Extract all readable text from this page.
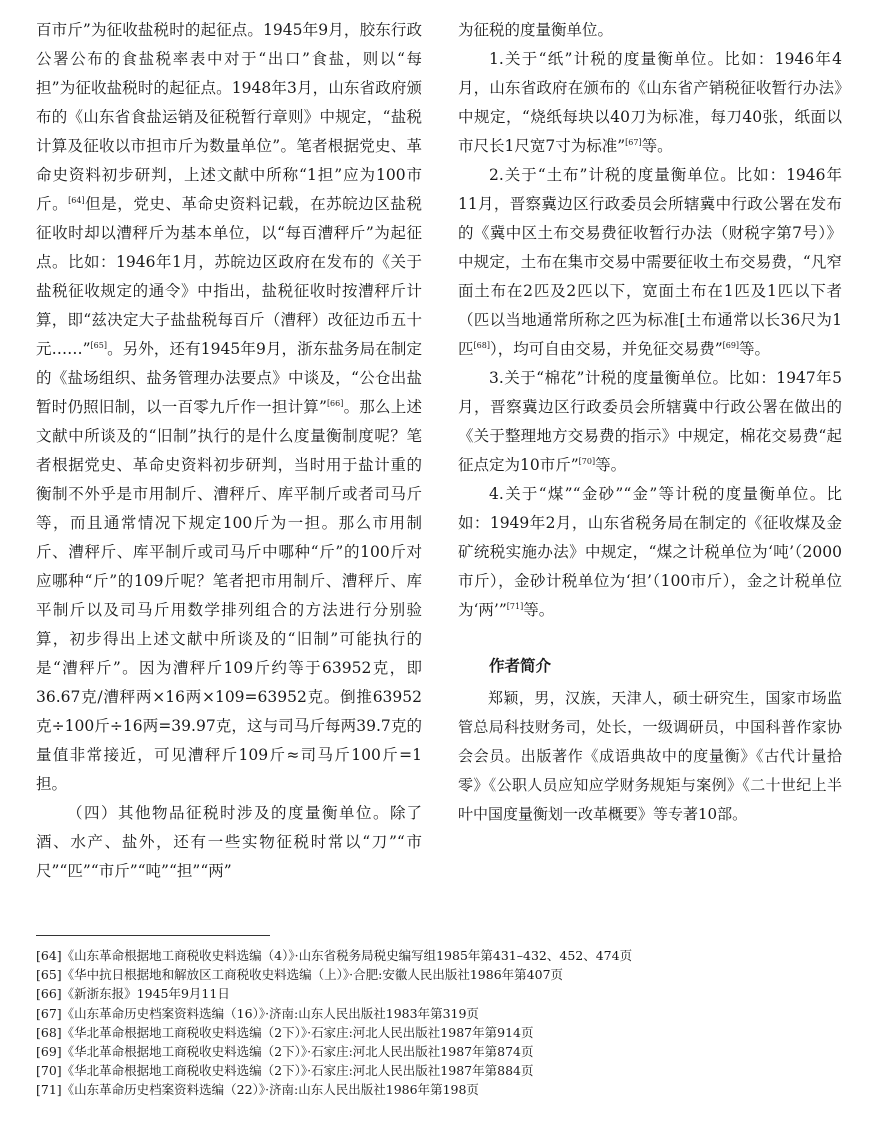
百市斤”为征收盐税时的起征点。1945年9月，胶东行政公署公布的食盐税率表中对于“出口”食盐，则以“每担”为征收盐税时的起征点。1948年3月，山东省政府颁布的《山东省食盐运销及征税暂行章则》中规定，“盐税计算及征收以市担市斤为数量单位”。笔者根据党史、革命史资料初步研判，上述文献中所称“1担”应为100市斤。[64]但是，党史、革命史资料记载，在苏皖边区盐税征收时却以漕秤斤为基本单位，以“每百漕秤斤”为起征点。比如：1946年1月，苏皖边区政府在发布的《关于盐税征收规定的通令》中指出，盐税征收时按漕秤斤计算，即“兹决定大子盐盐税每百斤（漕秤）改征边币五十元……”[65]。另外，还有1945年9月，浙东盐务局在制定的《盐场组织、盐务管理办法要点》中谈及，“公仓出盐暂时仍照旧制，以一百零九斤作一担计算”[66]。那么上述文献中所谈及的“旧制”执行的是什么度量衡制度呢？笔者根据党史、革命史资料初步研判，当时用于盐计重的衡制不外乎是市用制斤、漕秤斤、库平制斤或者司马斤等，而且通常情况下规定100斤为一担。那么市用制斤、漕秤斤、库平制斤或司马斤中哪种“斤”的100斤对应哪种“斤”的109斤呢？笔者把市用制斤、漕秤斤、库平制斤以及司马斤用数学排列组合的方法进行分别验算，初步得出上述文献中所谈及的“旧制”可能执行的是“漕秤斤”。因为漕秤斤109斤约等于63952克，即36.67克/漕秤两×16两×109=63952克。倒推63952克÷100斤÷16两=39.97克，这与司马斤每两39.7克的量值非常接近，可见漕秤斤109斤≈司马斤100斤=1担。

（四）其他物品征税时涉及的度量衡单位。除了酒、水产、盐外，还有一些实物征税时常以“刀”“市尺”“匹”“市斤”“吨”“担”“两”

为征税的度量衡单位。

1.关于“纸”计税的度量衡单位。比如：1946年4月，山东省政府在颁布的《山东省产销税征收暂行办法》中规定，“烧纸每块以40刀为标准，每刀40张，纸面以市尺长1尺宽7寸为标准”[67]等。

2.关于“土布”计税的度量衡单位。比如：1946年11月，晋察冀边区行政委员会所辖冀中行政公署在发布的《冀中区土布交易费征收暂行办法（财税字第7号）》中规定，土布在集市交易中需要征收土布交易费，“凡窄面土布在2匹及2匹以下，宽面土布在1匹及1匹以下者（匹以当地通常所称之匹为标准[土布通常以长36尺为1匹[68]），均可自由交易，并免征交易费”[69]等。

3.关于“棉花”计税的度量衡单位。比如：1947年5月，晋察冀边区行政委员会所辖冀中行政公署在做出的《关于整理地方交易费的指示》中规定，棉花交易费“起征点定为10市斤”[70]等。

4.关于“煤”“金砂”“金”等计税的度量衡单位。比如：1949年2月，山东省税务局在制定的《征收煤及金矿统税实施办法》中规定，“煤之计税单位为‘吨’（2000市斤），金砂计税单位为‘担’（100市斤），金之计税单位为‘两’”[71]等。

作者简介

郑颖，男，汉族，天津人，硕士研究生，国家市场监管总局科技财务司，处长，一级调研员，中国科普作家协会会员。出版著作《成语典故中的度量衡》《古代计量拾零》《公职人员应知应学财务规矩与案例》《二十世纪上半叶中国度量衡划一改革概要》等专著10部。

[64]《山东革命根据地工商税收史料选编（4）》·山东省税务局税史编写组1985年第431–432、452、474页
[65]《华中抗日根据地和解放区工商税收史料选编（上）》·合肥:安徽人民出版社1986年第407页
[66]《新浙东报》1945年9月11日
[67]《山东革命历史档案资料选编（16）》·济南:山东人民出版社1983年第319页
[68]《华北革命根据地工商税收史料选编（2下）》·石家庄:河北人民出版社1987年第914页
[69]《华北革命根据地工商税收史料选编（2下）》·石家庄:河北人民出版社1987年第874页
[70]《华北革命根据地工商税收史料选编（2下）》·石家庄:河北人民出版社1987年第884页
[71]《山东革命历史档案资料选编（22）》·济南:山东人民出版社1986年第198页
